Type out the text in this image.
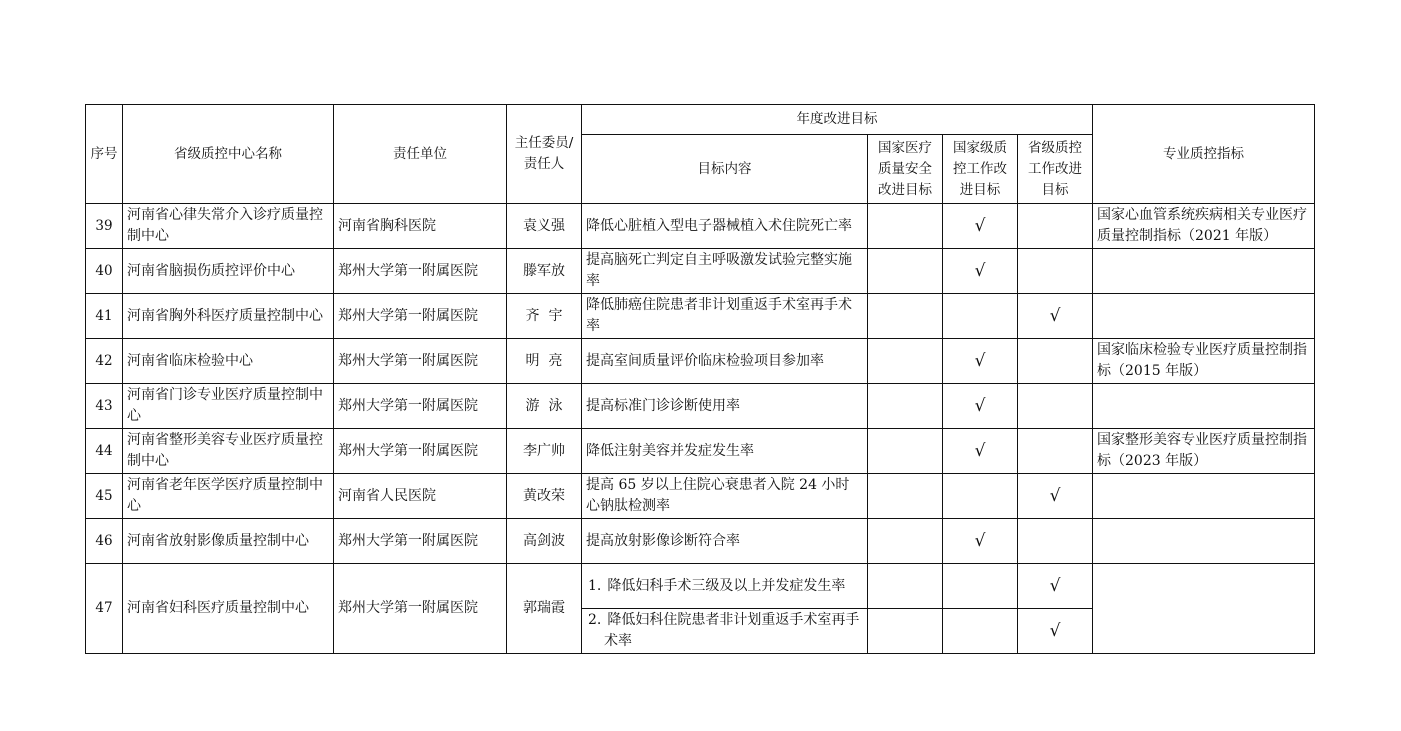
序号	省级质控中心名称	责任单位	主任委员/责任人	年度改进目标				专业质控指标
				目标内容	国家医疗质量安全改进目标	国家级质控工作改进目标	省级质控工作改进目标	
39	河南省心律失常介入诊疗质量控制中心	河南省胸科医院	袁义强	降低心脏植入型电子器械植入术住院死亡率		√		国家心血管系统疾病相关专业医疗质量控制指标（2021 年版）
40	河南省脑损伤质控评价中心	郑州大学第一附属医院	滕军放	提高脑死亡判定自主呼吸激发试验完整实施率		√		
41	河南省胸外科医疗质量控制中心	郑州大学第一附属医院	齐  宇	降低肺癌住院患者非计划重返手术室再手术率			√	
42	河南省临床检验中心	郑州大学第一附属医院	明  亮	提高室间质量评价临床检验项目参加率		√		国家临床检验专业医疗质量控制指标（2015 年版）
43	河南省门诊专业医疗质量控制中心	郑州大学第一附属医院	游  泳	提高标准门诊诊断使用率		√		
44	河南省整形美容专业医疗质量控制中心	郑州大学第一附属医院	李广帅	降低注射美容并发症发生率		√		国家整形美容专业医疗质量控制指标（2023 年版）
45	河南省老年医学医疗质量控制中心	河南省人民医院	黄改荣	提高 65 岁以上住院心衰患者入院 24 小时心钠肽检测率			√	
46	河南省放射影像质量控制中心	郑州大学第一附属医院	高剑波	提高放射影像诊断符合率		√		
47	河南省妇科医疗质量控制中心	郑州大学第一附属医院	郭瑞霞	1. 降低妇科手术三级及以上并发症发生率			√	
				2. 降低妇科住院患者非计划重返手术室再手术率			√	
